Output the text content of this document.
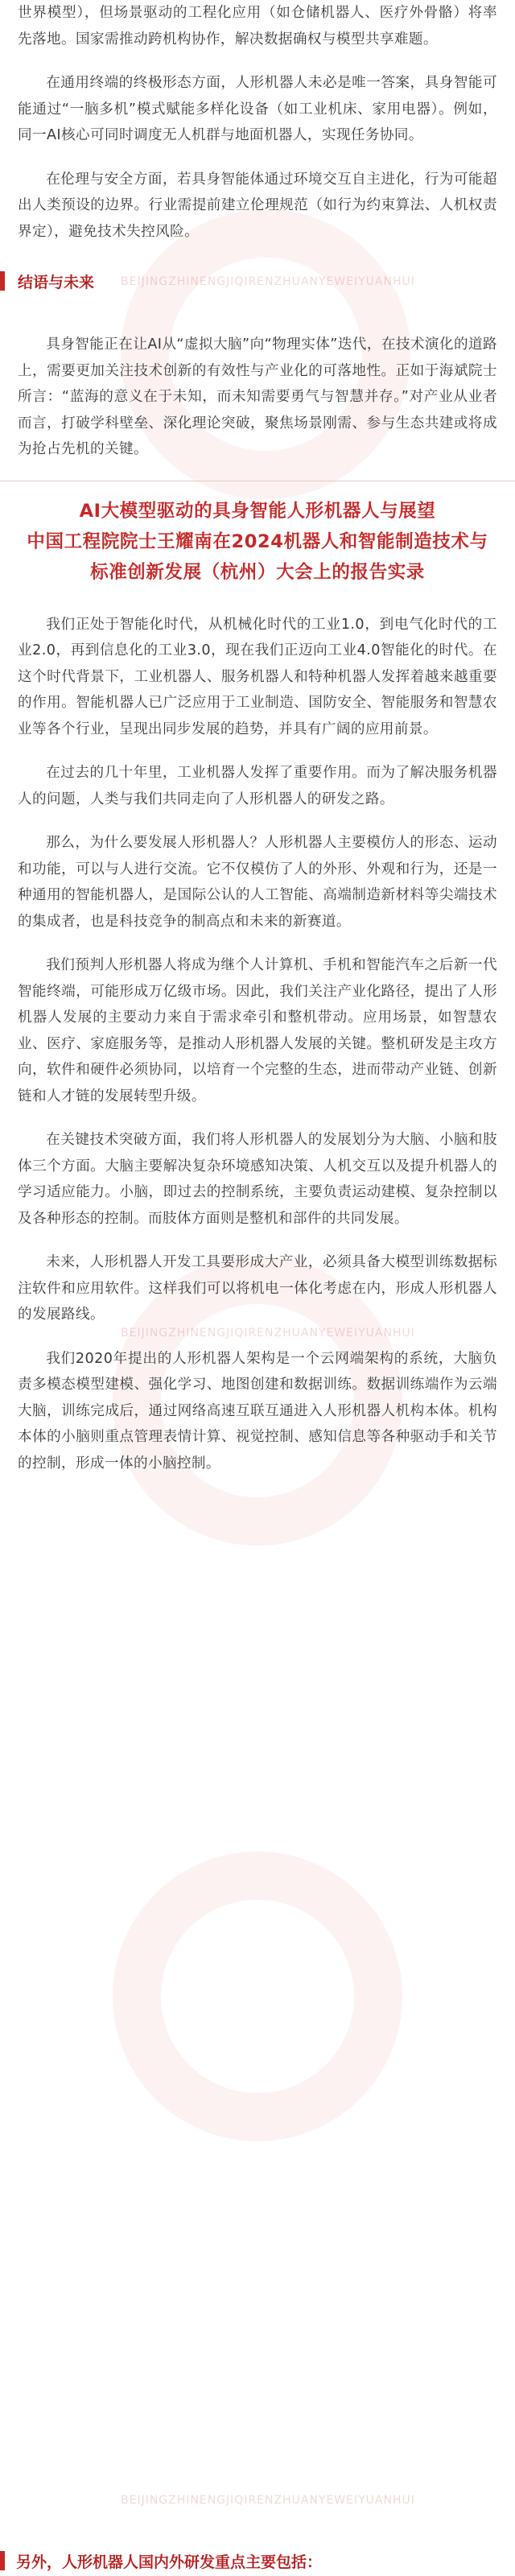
BEIJINGZHINENGJIQIRENZHUANYEWEIYUANHUI
BEIJINGZHINENGJIQIRENZHUANYEWEIYUANHUI
BEIJINGZHINENGJIQIRENZHUANYEWEIYUANHUI

世界模型），但场景驱动的工程化应用（如仓储机器人、医疗外骨骼）将率先落地。国家需推动跨机构协作，解决数据确权与模型共享难题。

在通用终端的终极形态方面，人形机器人未必是唯一答案，具身智能可能通过“一脑多机”模式赋能多样化设备（如工业机床、家用电器）。例如，同一AI核心可同时调度无人机群与地面机器人，实现任务协同。

在伦理与安全方面，若具身智能体通过环境交互自主进化，行为可能超出人类预设的边界。行业需提前建立伦理规范（如行为约束算法、人机权责界定），避免技术失控风险。

结语与未来

具身智能正在让AI从“虚拟大脑”向“物理实体”迭代，在技术演化的道路上，需要更加关注技术创新的有效性与产业化的可落地性。正如于海斌院士所言：“蓝海的意义在于未知，而未知需要勇气与智慧并存。”对产业从业者而言，打破学科壁垒、深化理论突破，聚焦场景刚需、参与生态共建或将成为抢占先机的关键。

AI大模型驱动的具身智能人形机器人与展望
中国工程院院士王耀南在2024机器人和智能制造技术与标准创新发展（杭州）大会上的报告实录

我们正处于智能化时代，从机械化时代的工业1.0，到电气化时代的工业2.0，再到信息化的工业3.0，现在我们正迈向工业4.0智能化的时代。在这个时代背景下，工业机器人、服务机器人和特种机器人发挥着越来越重要的作用。智能机器人已广泛应用于工业制造、国防安全、智能服务和智慧农业等各个行业，呈现出同步发展的趋势，并具有广阔的应用前景。

在过去的几十年里，工业机器人发挥了重要作用。而为了解决服务机器人的问题，人类与我们共同走向了人形机器人的研发之路。

那么，为什么要发展人形机器人？人形机器人主要模仿人的形态、运动和功能，可以与人进行交流。它不仅模仿了人的外形、外观和行为，还是一种通用的智能机器人，是国际公认的人工智能、高端制造新材料等尖端技术的集成者，也是科技竞争的制高点和未来的新赛道。

我们预判人形机器人将成为继个人计算机、手机和智能汽车之后新一代智能终端，可能形成万亿级市场。因此，我们关注产业化路径，提出了人形机器人发展的主要动力来自于需求牵引和整机带动。应用场景，如智慧农业、医疗、家庭服务等，是推动人形机器人发展的关键。整机研发是主攻方向，软件和硬件必须协同，以培育一个完整的生态，进而带动产业链、创新链和人才链的发展转型升级。

在关键技术突破方面，我们将人形机器人的发展划分为大脑、小脑和肢体三个方面。大脑主要解决复杂环境感知决策、人机交互以及提升机器人的学习适应能力。小脑，即过去的控制系统，主要负责运动建模、复杂控制以及各种形态的控制。而肢体方面则是整机和部件的共同发展。

未来，人形机器人开发工具要形成大产业，必须具备大模型训练数据标注软件和应用软件。这样我们可以将机电一体化考虑在内，形成人形机器人的发展路线。

我们2020年提出的人形机器人架构是一个云网端架构的系统，大脑负责多模态模型建模、强化学习、地图创建和数据训练。数据训练端作为云端大脑，训练完成后，通过网络高速互联互通进入人形机器人机构本体。机构本体的小脑则重点管理表情计算、视觉控制、感知信息等各种驱动手和关节的控制，形成一体的小脑控制。

另外，人形机器人国内外研发重点主要包括：
